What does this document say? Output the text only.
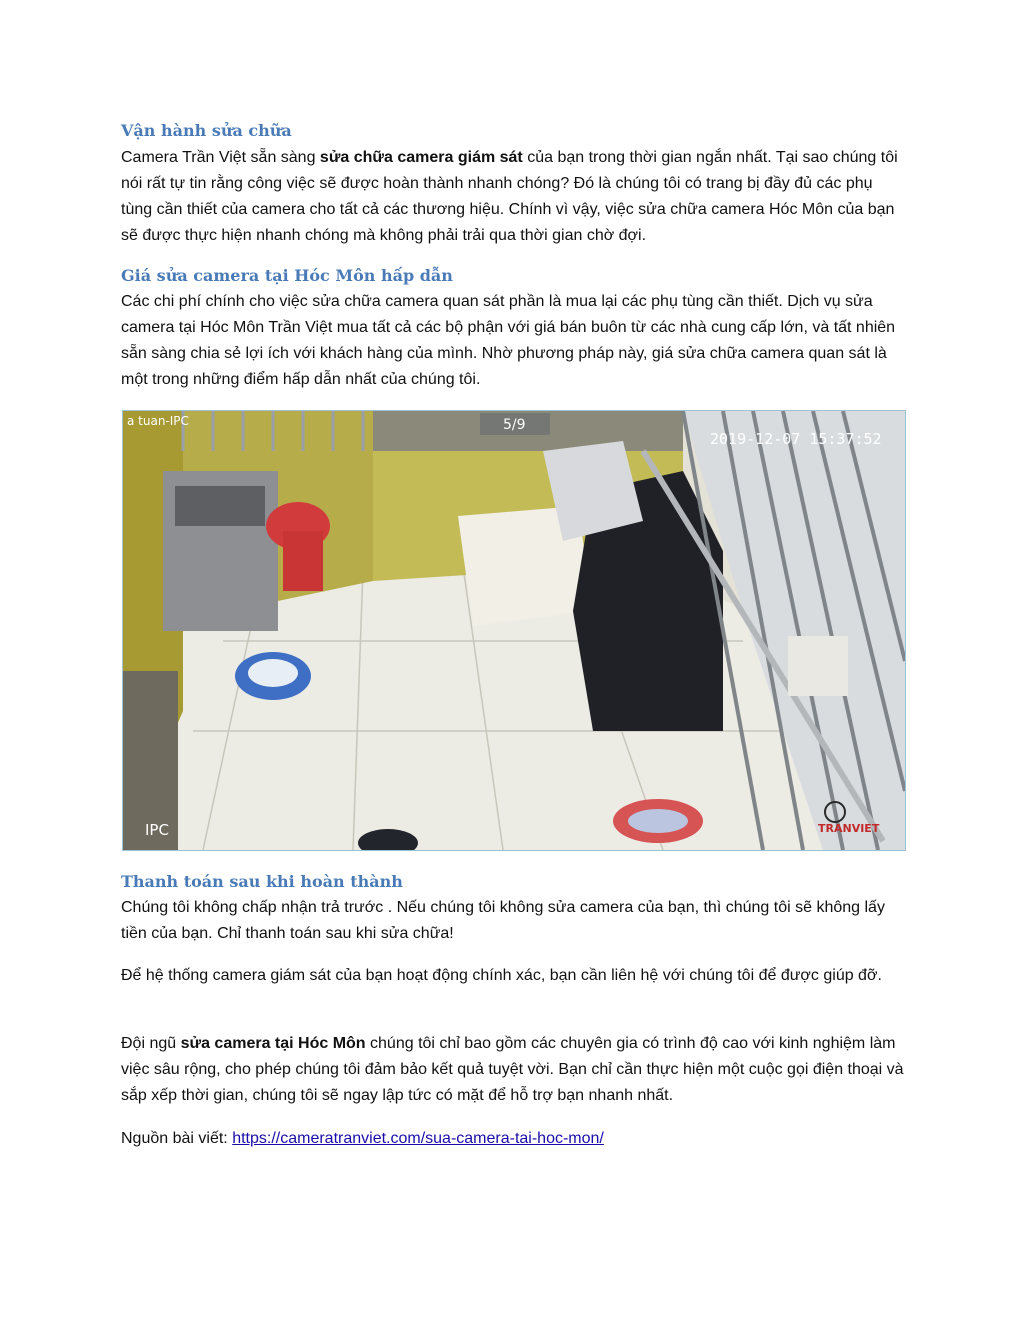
Vận hành sửa chữa

Camera Trần Việt sẵn sàng sửa chữa camera giám sát của bạn trong thời gian ngắn nhất. Tại sao chúng tôi nói rất tự tin rằng công việc sẽ được hoàn thành nhanh chóng? Đó là chúng tôi có trang bị đầy đủ các phụ tùng cần thiết của camera cho tất cả các thương hiệu. Chính vì vậy, việc sửa chữa camera Hóc Môn của bạn sẽ được thực hiện nhanh chóng mà không phải trải qua thời gian chờ đợi.

Giá sửa camera tại Hóc Môn hấp dẫn

Các chi phí chính cho việc sửa chữa camera quan sát phần là mua lại các phụ tùng cần thiết. Dịch vụ sửa camera tại Hóc Môn Trần Việt mua tất cả các bộ phận với giá bán buôn từ các nhà cung cấp lớn, và tất nhiên sẵn sàng chia sẻ lợi ích với khách hàng của mình. Nhờ phương pháp này, giá sửa chữa camera quan sát là một trong những điểm hấp dẫn nhất của chúng tôi.

Thanh toán sau khi hoàn thành

Chúng tôi không chấp nhận trả trước . Nếu chúng tôi không sửa camera của bạn, thì chúng tôi sẽ không lấy tiền của bạn. Chỉ thanh toán sau khi sửa chữa!

Để hệ thống camera giám sát của bạn hoạt động chính xác, bạn cần liên hệ với chúng tôi để được giúp đỡ.

Đội ngũ sửa camera tại Hóc Môn chúng tôi chỉ bao gồm các chuyên gia có trình độ cao với kinh nghiệm làm việc sâu rộng, cho phép chúng tôi đảm bảo kết quả tuyệt vời. Bạn chỉ cần thực hiện một cuộc gọi điện thoại và sắp xếp thời gian, chúng tôi sẽ ngay lập tức có mặt để hỗ trợ bạn nhanh nhất.

Nguồn bài viết: https://cameratranviet.com/sua-camera-tai-hoc-mon/

a tuan-IPC	5/9
2019-12-07 15:37:52
IPC	TRANVIET
